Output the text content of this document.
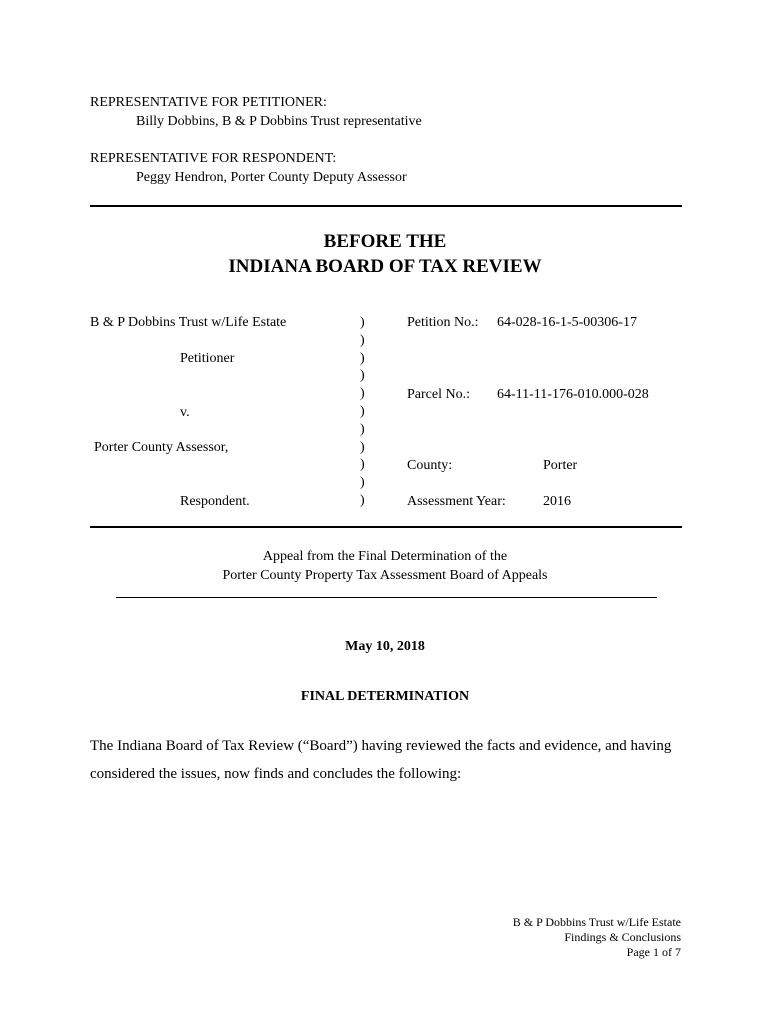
REPRESENTATIVE FOR PETITIONER:
Billy Dobbins, B & P Dobbins Trust representative
REPRESENTATIVE FOR RESPONDENT:
Peggy Hendron, Porter County Deputy Assessor
BEFORE THE
INDIANA BOARD OF TAX REVIEW
B & P Dobbins Trust w/Life Estate
Petitioner
v.
Porter County Assessor,
Respondent.
)
)
)
)
)
)
)
)
)
)
)
Petition No.: 64-028-16-1-5-00306-17
Parcel No.: 64-11-11-176-010.000-028
County:	Porter
Assessment Year:	2016
Appeal from the Final Determination of the
Porter County Property Tax Assessment Board of Appeals
May 10, 2018
FINAL DETERMINATION
The Indiana Board of Tax Review (“Board”) having reviewed the facts and evidence, and having
considered the issues, now finds and concludes the following:
B & P Dobbins Trust w/Life Estate
Findings & Conclusions
Page 1 of 7
